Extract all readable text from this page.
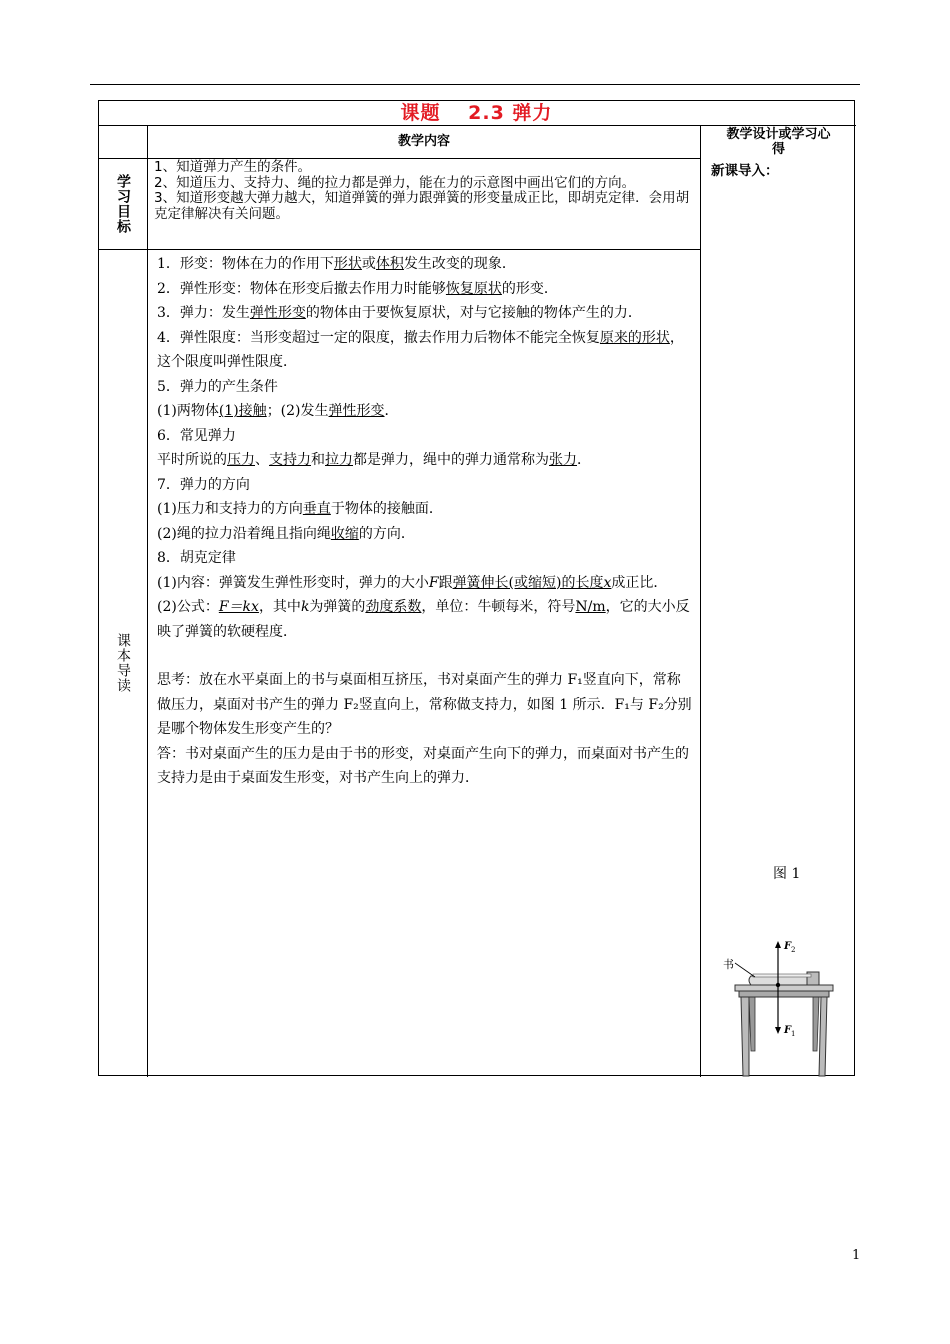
课题　 2.3 弹力
教学内容	教学设计或学习心
得
学习目标
1、知道弹力产生的条件。
2、知道压力、支持力、绳的拉力都是弹力，能在力的示意图中画出它们的方向。
3、知道形变越大弹力越大，知道弹簧的弹力跟弹簧的形变量成正比，即胡克定律．会用胡克定律解决有关问题。
新课导入：
图 1
书
F 2
F 1
课本导读

1．形变：物体在力的作用下形状或体积发生改变的现象．

2．弹性形变：物体在形变后撤去作用力时能够恢复原状的形变．

3．弹力：发生弹性形变的物体由于要恢复原状，对与它接触的物体产生的力．

4．弹性限度：当形变超过一定的限度，撤去作用力后物体不能完全恢复原来的形状，这个限度叫弹性限度．

5．弹力的产生条件

(1)两物体(1)接触；(2)发生弹性形变．

6．常见弹力

平时所说的压力、支持力和拉力都是弹力，绳中的弹力通常称为张力．

7．弹力的方向

(1)压力和支持力的方向垂直于物体的接触面．

(2)绳的拉力沿着绳且指向绳收缩的方向．

8．胡克定律

(1)内容：弹簧发生弹性形变时，弹力的大小F跟弹簧伸长(或缩短)的长度x成正比．

(2)公式：F＝kx，其中k为弹簧的劲度系数，单位：牛顿每米，符号N/m，它的大小反映了弹簧的软硬程度．

思考：放在水平桌面上的书与桌面相互挤压，书对桌面产生的弹力 F₁竖直向下，常称做压力，桌面对书产生的弹力 F₂竖直向上，常称做支持力，如图 1 所示．F₁与 F₂分别是哪个物体发生形变产生的？

答：书对桌面产生的压力是由于书的形变，对桌面产生向下的弹力，而桌面对书产生的支持力是由于桌面发生形变，对书产生向上的弹力．

1
